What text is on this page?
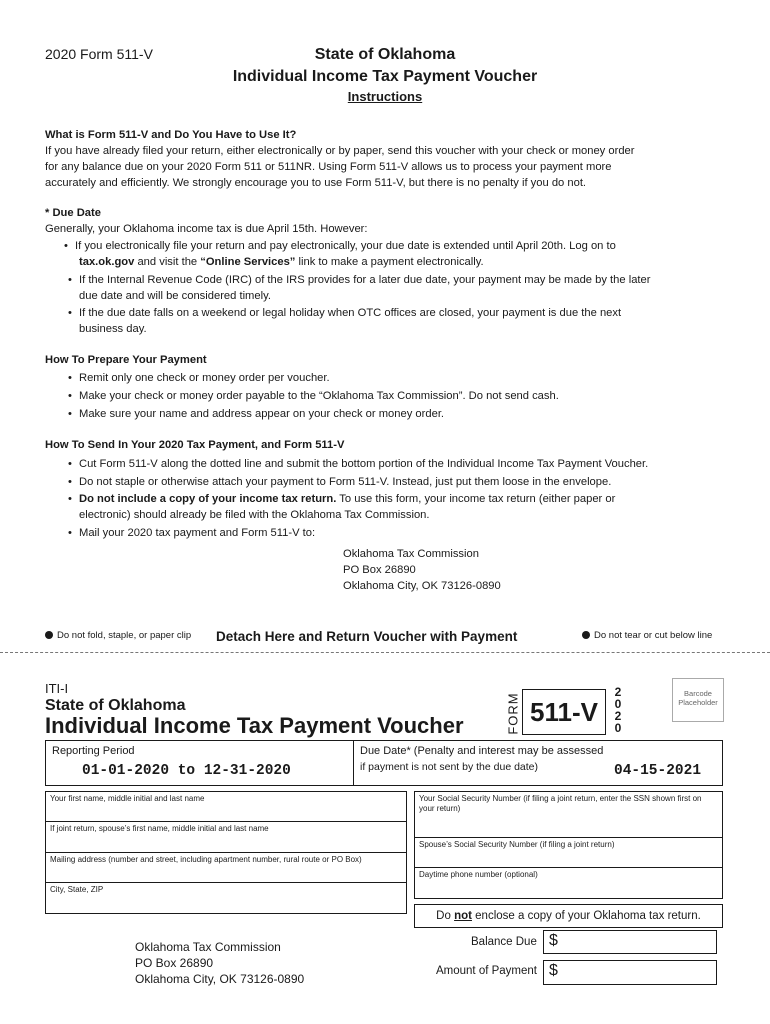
2020 Form 511-V	State of Oklahoma
Individual Income Tax Payment Voucher
Instructions
What is Form 511-V and Do You Have to Use It?
If you have already filed your return, either electronically or by paper, send this voucher with your check or money order
for any balance due on your 2020 Form 511 or 511NR. Using Form 511-V allows us to process your payment more
accurately and efficiently. We strongly encourage you to use Form 511-V, but there is no penalty if you do not.
* Due Date
Generally, your Oklahoma income tax is due April 15th. However:
• If you electronically file your return and pay electronically, your due date is extended until April 20th. Log on to
tax.ok.gov and visit the “Online Services” link to make a payment electronically.
• If the Internal Revenue Code (IRC) of the IRS provides for a later due date, your payment may be made by the later
due date and will be considered timely.
• If the due date falls on a weekend or legal holiday when OTC offices are closed, your payment is due the next
business day.
How To Prepare Your Payment
• Remit only one check or money order per voucher.
• Make your check or money order payable to the “Oklahoma Tax Commission”. Do not send cash.
• Make sure your name and address appear on your check or money order.
How To Send In Your 2020 Tax Payment, and Form 511-V
• Cut Form 511-V along the dotted line and submit the bottom portion of the Individual Income Tax Payment Voucher.
• Do not staple or otherwise attach your payment to Form 511-V. Instead, just put them loose in the envelope.
• Do not include a copy of your income tax return. To use this form, your income tax return (either paper or
electronic) should already be filed with the Oklahoma Tax Commission.
• Mail your 2020 tax payment and Form 511-V to:
Oklahoma Tax Commission
PO Box 26890
Oklahoma City, OK 73126-0890
Do not fold, staple, or paper clip Detach Here and Return Voucher with Payment	Do not tear or cut below line
ITI-I
State of Oklahoma
Individual Income Tax Payment Voucher	FORM 511-V
2
0
2
0
Barcode
Placeholder
Reporting Period
01-01-2020 to 12-31-2020
Due Date* (Penalty and interest may be assessed
if payment is not sent by the due date)	04-15-2021
Your first name, middle initial and last name
If joint return, spouse’s first name, middle initial and last name
Mailing address (number and street, including apartment number, rural route or PO Box)
City, State, ZIP
Your Social Security Number (if filing a joint return, enter the SSN shown first on your return)
Spouse’s Social Security Number (if filing a joint return)
Daytime phone number (optional)
Do not enclose a copy of your Oklahoma tax return.
Oklahoma Tax Commission
PO Box 26890
Oklahoma City, OK 73126-0890
Balance Due $
Amount of Payment $
